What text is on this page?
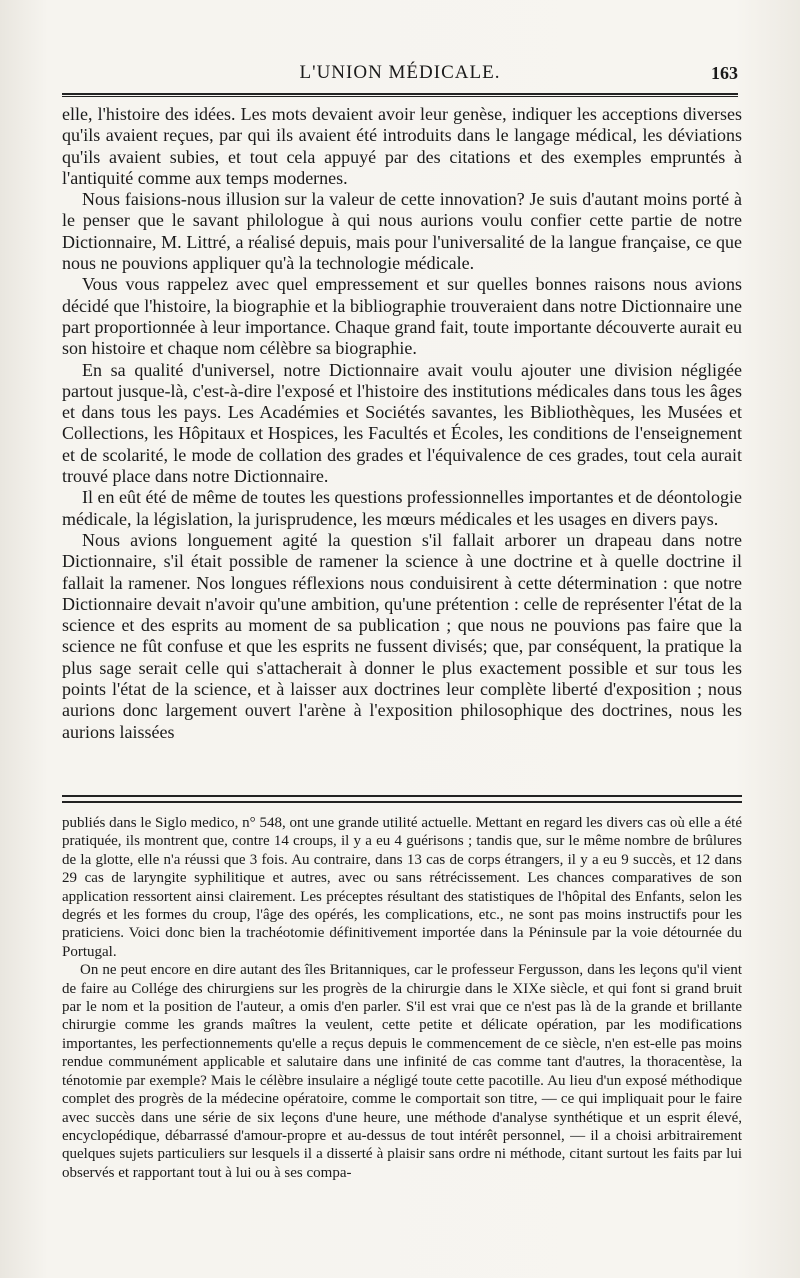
L'UNION MÉDICALE.	163

elle, l'histoire des idées. Les mots devaient avoir leur genèse, indiquer les acceptions diverses qu'ils avaient reçues, par qui ils avaient été introduits dans le langage médical, les déviations qu'ils avaient subies, et tout cela appuyé par des citations et des exemples empruntés à l'antiquité comme aux temps modernes.

Nous faisions-nous illusion sur la valeur de cette innovation? Je suis d'autant moins porté à le penser que le savant philologue à qui nous aurions voulu confier cette partie de notre Dictionnaire, M. Littré, a réalisé depuis, mais pour l'universalité de la langue française, ce que nous ne pouvions appliquer qu'à la technologie médicale.

Vous vous rappelez avec quel empressement et sur quelles bonnes raisons nous avions décidé que l'histoire, la biographie et la bibliographie trouveraient dans notre Dictionnaire une part proportionnée à leur importance. Chaque grand fait, toute importante découverte aurait eu son histoire et chaque nom célèbre sa biographie.

En sa qualité d'universel, notre Dictionnaire avait voulu ajouter une division négligée partout jusque-là, c'est-à-dire l'exposé et l'histoire des institutions médicales dans tous les âges et dans tous les pays. Les Académies et Sociétés savantes, les Bibliothèques, les Musées et Collections, les Hôpitaux et Hospices, les Facultés et Écoles, les conditions de l'enseignement et de scolarité, le mode de collation des grades et l'équivalence de ces grades, tout cela aurait trouvé place dans notre Dictionnaire.

Il en eût été de même de toutes les questions professionnelles importantes et de déontologie médicale, la législation, la jurisprudence, les mœurs médicales et les usages en divers pays.

Nous avions longuement agité la question s'il fallait arborer un drapeau dans notre Dictionnaire, s'il était possible de ramener la science à une doctrine et à quelle doctrine il fallait la ramener. Nos longues réflexions nous conduisirent à cette détermination : que notre Dictionnaire devait n'avoir qu'une ambition, qu'une prétention : celle de représenter l'état de la science et des esprits au moment de sa publication ; que nous ne pouvions pas faire que la science ne fût confuse et que les esprits ne fussent divisés; que, par conséquent, la pratique la plus sage serait celle qui s'attacherait à donner le plus exactement possible et sur tous les points l'état de la science, et à laisser aux doctrines leur complète liberté d'exposition ; nous aurions donc largement ouvert l'arène à l'exposition philosophique des doctrines, nous les aurions laissées

publiés dans le Siglo medico, n° 548, ont une grande utilité actuelle. Mettant en regard les divers cas où elle a été pratiquée, ils montrent que, contre 14 croups, il y a eu 4 guérisons ; tandis que, sur le même nombre de brûlures de la glotte, elle n'a réussi que 3 fois. Au contraire, dans 13 cas de corps étrangers, il y a eu 9 succès, et 12 dans 29 cas de laryngite syphilitique et autres, avec ou sans rétrécissement. Les chances comparatives de son application ressortent ainsi clairement. Les préceptes résultant des statistiques de l'hôpital des Enfants, selon les degrés et les formes du croup, l'âge des opérés, les complications, etc., ne sont pas moins instructifs pour les praticiens. Voici donc bien la trachéotomie définitivement importée dans la Péninsule par la voie détournée du Portugal.

On ne peut encore en dire autant des îles Britanniques, car le professeur Fergusson, dans les leçons qu'il vient de faire au Collége des chirurgiens sur les progrès de la chirurgie dans le XIXe siècle, et qui font si grand bruit par le nom et la position de l'auteur, a omis d'en parler. S'il est vrai que ce n'est pas là de la grande et brillante chirurgie comme les grands maîtres la veulent, cette petite et délicate opération, par les modifications importantes, les perfectionnements qu'elle a reçus depuis le commencement de ce siècle, n'en est-elle pas moins rendue communément applicable et salutaire dans une infinité de cas comme tant d'autres, la thoracentèse, la ténotomie par exemple? Mais le célèbre insulaire a négligé toute cette pacotille. Au lieu d'un exposé méthodique complet des progrès de la médecine opératoire, comme le comportait son titre, — ce qui impliquait pour le faire avec succès dans une série de six leçons d'une heure, une méthode d'analyse synthétique et un esprit élevé, encyclopédique, débarrassé d'amour-propre et au-dessus de tout intérêt personnel, — il a choisi arbitrairement quelques sujets particuliers sur lesquels il a disserté à plaisir sans ordre ni méthode, citant surtout les faits par lui observés et rapportant tout à lui ou à ses compa-
